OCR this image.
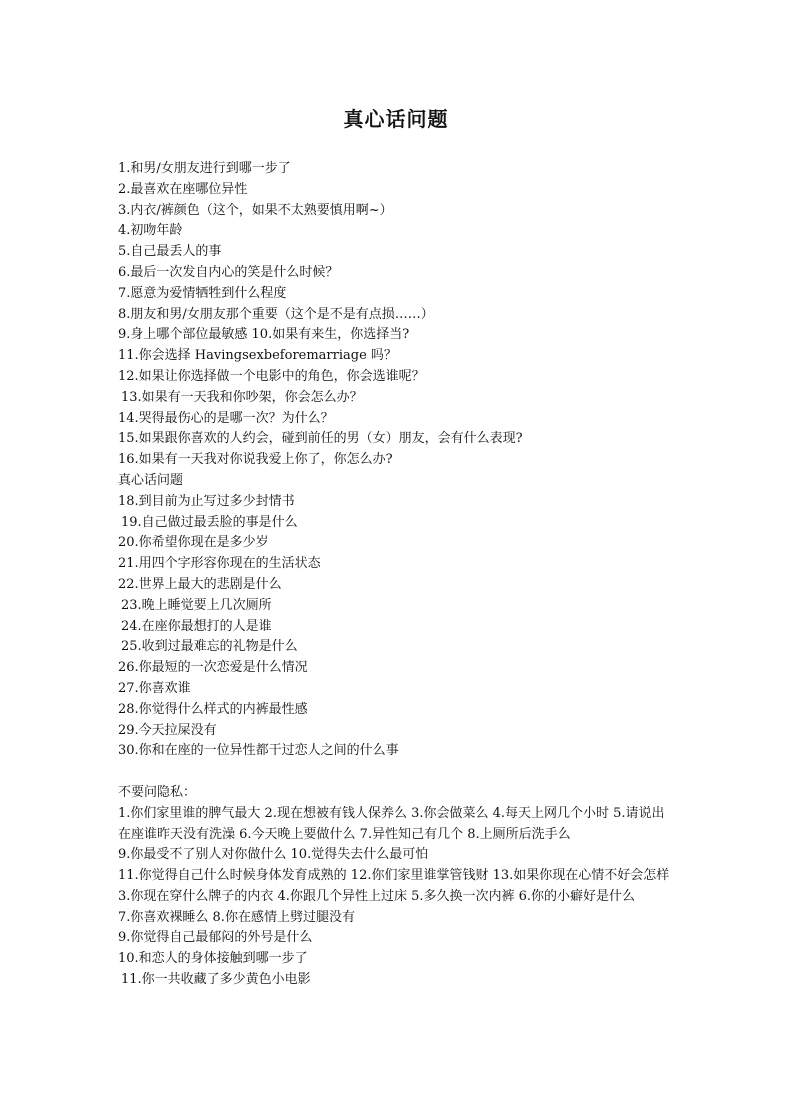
真心话问题
1.和男/女朋友进行到哪一步了
2.最喜欢在座哪位异性
3.内衣/裤颜色（这个，如果不太熟要慎用啊~）
4.初吻年龄
5.自己最丢人的事
6.最后一次发自内心的笑是什么时候？
7.愿意为爱情牺牲到什么程度
8.朋友和男/女朋友那个重要（这个是不是有点损……）
9.身上哪个部位最敏感 10.如果有来生，你选择当?
11.你会选择 Havingsexbeforemarriage 吗？
12.如果让你选择做一个电影中的角色，你会选谁呢？
13.如果有一天我和你吵架，你会怎么办？
14.哭得最伤心的是哪一次？为什么？
15.如果跟你喜欢的人约会，碰到前任的男（女）朋友，会有什么表现?
16.如果有一天我对你说我爱上你了，你怎么办?
真心话问题
18.到目前为止写过多少封情书
19.自己做过最丢脸的事是什么
20.你希望你现在是多少岁
21.用四个字形容你现在的生活状态
22.世界上最大的悲剧是什么
23.晚上睡觉要上几次厕所
24.在座你最想打的人是谁
25.收到过最难忘的礼物是什么
26.你最短的一次恋爱是什么情况
27.你喜欢谁
28.你觉得什么样式的内裤最性感
29.今天拉屎没有
30.你和在座的一位异性都干过恋人之间的什么事
不要问隐私：
1.你们家里谁的脾气最大 2.现在想被有钱人保养么 3.你会做菜么 4.每天上网几个小时 5.请说出在座谁昨天没有洗澡 6.今天晚上要做什么 7.异性知己有几个 8.上厕所后洗手么
9.你最受不了别人对你做什么 10.觉得失去什么最可怕
11.你觉得自己什么时候身体发育成熟的 12.你们家里谁掌管钱财 13.如果你现在心情不好会怎样
3.你现在穿什么牌子的内衣 4.你跟几个异性上过床 5.多久换一次内裤 6.你的小癖好是什么
7.你喜欢裸睡么 8.你在感情上劈过腿没有
9.你觉得自己最郁闷的外号是什么
10.和恋人的身体接触到哪一步了
11.你一共收藏了多少黄色小电影
